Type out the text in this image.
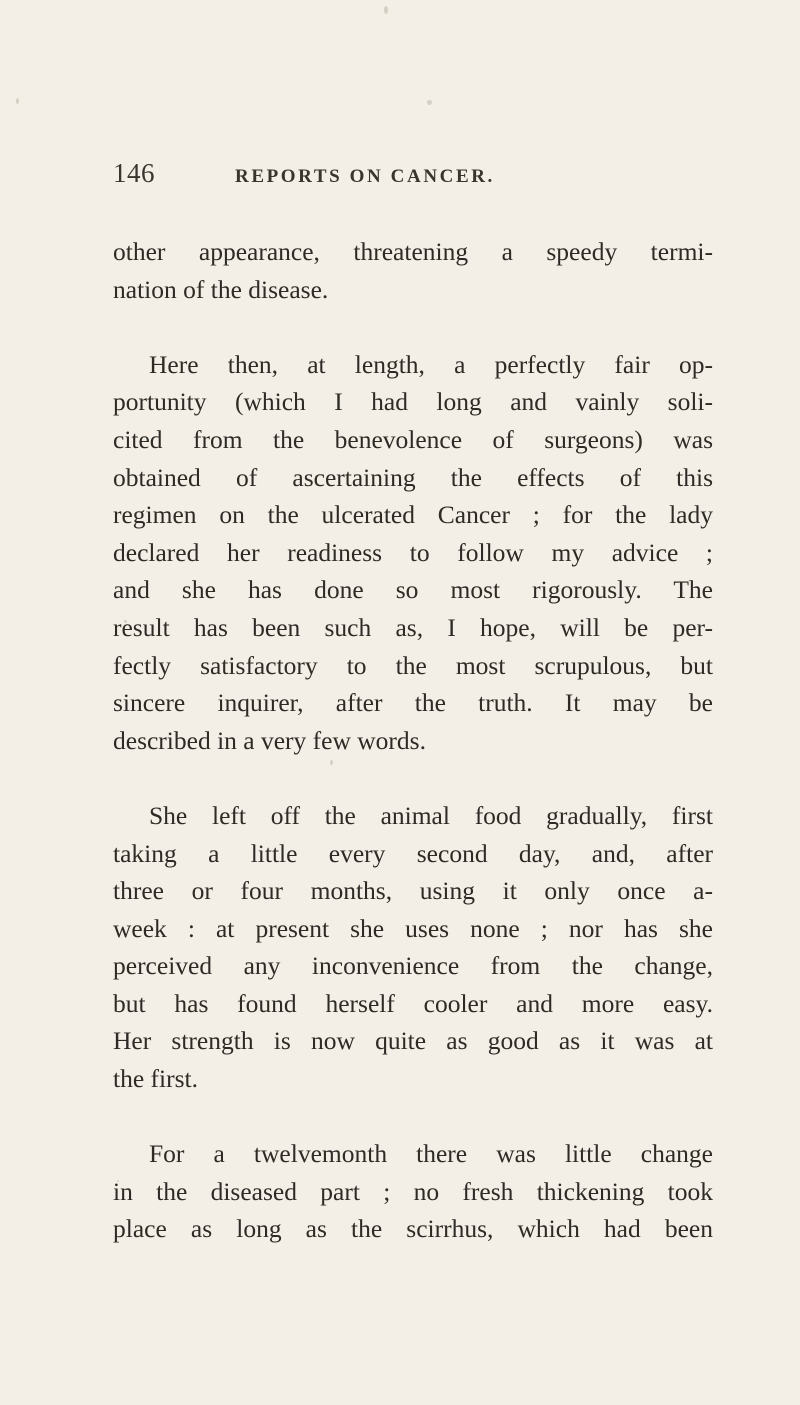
146	REPORTS ON CANCER.
other appearance, threatening a speedy termi-
nation of the disease.
Here then, at length, a perfectly fair op-
portunity (which I had long and vainly soli-
cited from the benevolence of surgeons) was
obtained of ascertaining the effects of this
regimen on the ulcerated Cancer ; for the lady
declared her readiness to follow my advice ;
and she has done so most rigorously. The
result has been such as, I hope, will be per-
fectly satisfactory to the most scrupulous, but
sincere inquirer, after the truth. It may be
described in a very few words.
She left off the animal food gradually, first
taking a little every second day, and, after
three or four months, using it only once a-
week : at present she uses none ; nor has she
perceived any inconvenience from the change,
but has found herself cooler and more easy.
Her strength is now quite as good as it was at
the first.
For a twelvemonth there was little change
in the diseased part ; no fresh thickening took
place as long as the scirrhus, which had been
